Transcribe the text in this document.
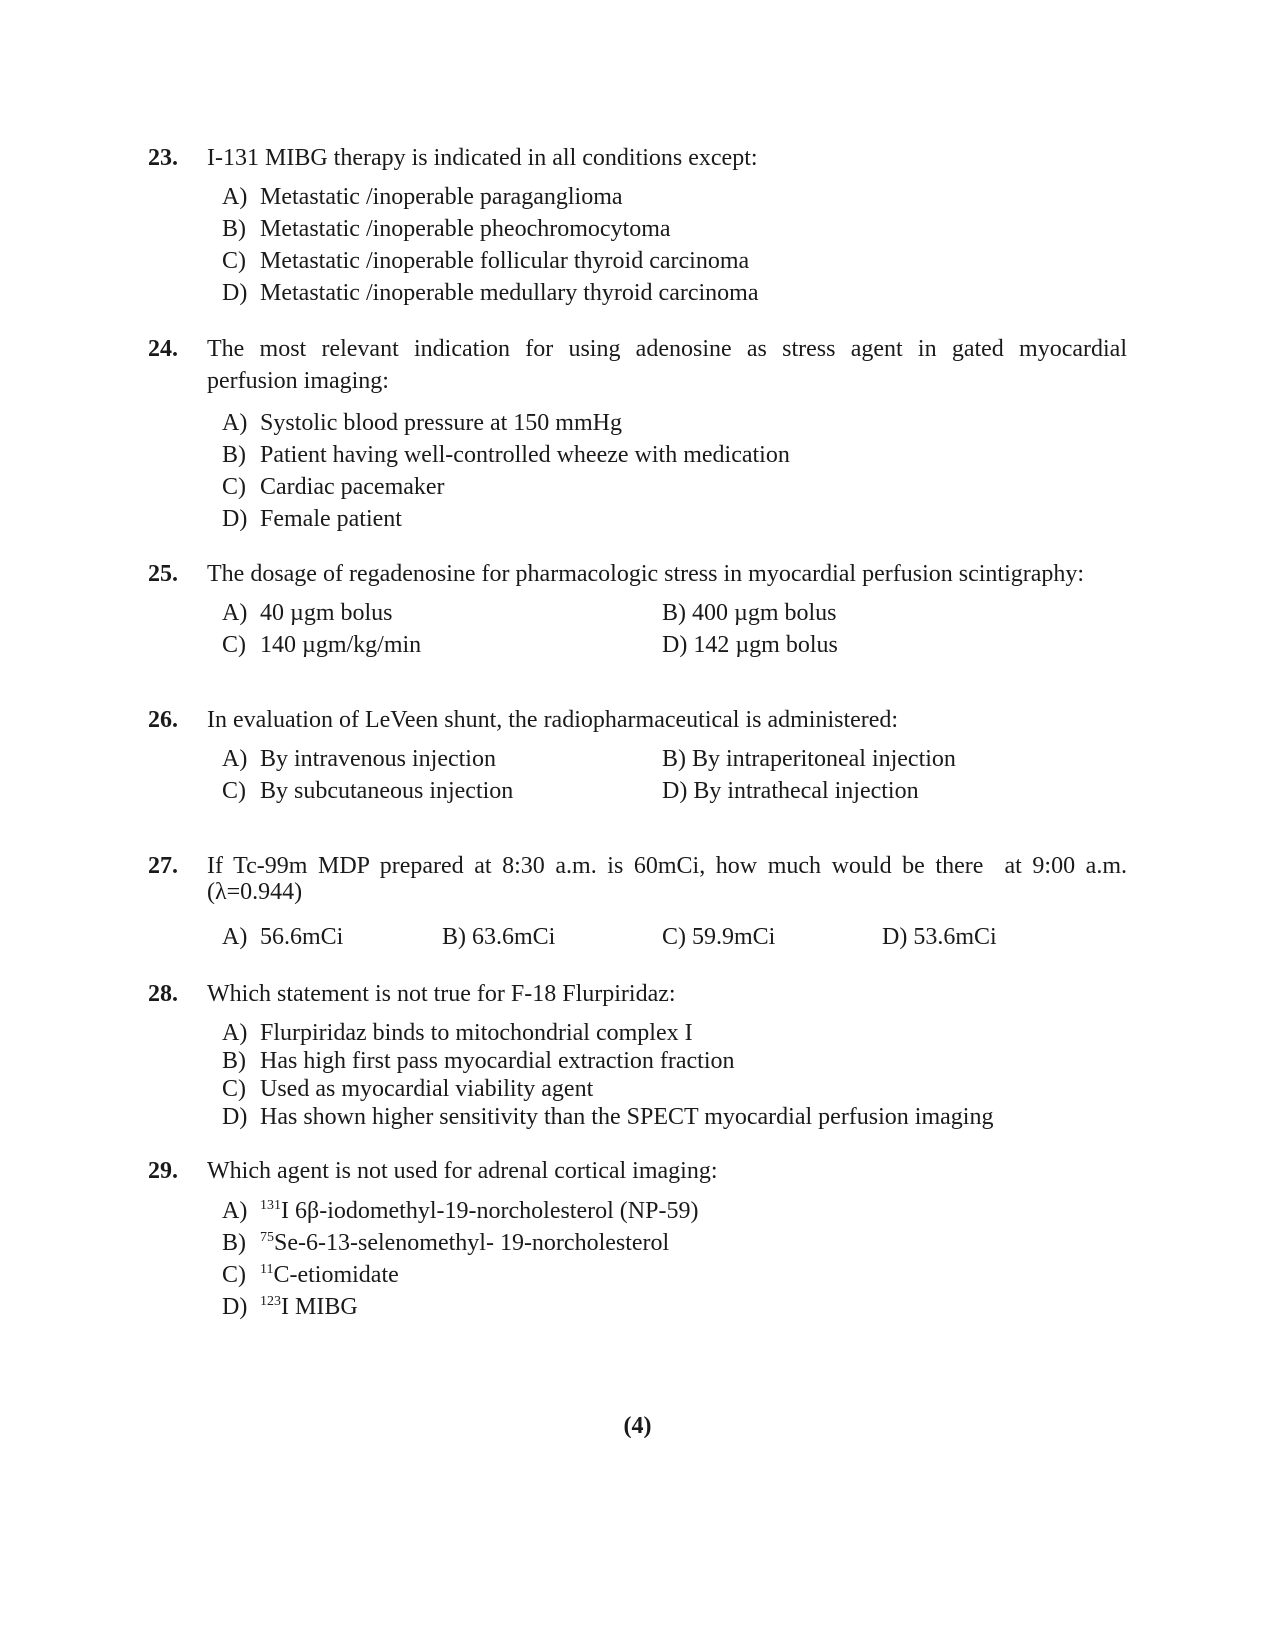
23. I-131 MIBG therapy is indicated in all conditions except:
A) Metastatic /inoperable paraganglioma
B) Metastatic /inoperable pheochromocytoma
C) Metastatic /inoperable follicular thyroid carcinoma
D) Metastatic /inoperable medullary thyroid carcinoma
24. The most relevant indication for using adenosine as stress agent in gated myocardial
perfusion imaging:
A) Systolic blood pressure at 150 mmHg
B) Patient having well-controlled wheeze with medication
C) Cardiac pacemaker
D) Female patient
25. The dosage of regadenosine for pharmacologic stress in myocardial perfusion scintigraphy:
A) 40 µgm bolus	B) 400 µgm bolus
C) 140 µgm/kg/min	D) 142 µgm bolus
26. In evaluation of LeVeen shunt, the radiopharmaceutical is administered:
A) By intravenous injection	B) By intraperitoneal injection
C) By subcutaneous injection	D) By intrathecal injection
27. If Tc-99m MDP prepared at 8:30 a.m. is 60mCi, how much would be there  at 9:00 a.m.
(λ=0.944)
A) 56.6mCi	B) 63.6mCi	C) 59.9mCi	D) 53.6mCi
28. Which statement is not true for F-18 Flurpiridaz:
A) Flurpiridaz binds to mitochondrial complex I
B) Has high first pass myocardial extraction fraction
C) Used as myocardial viability agent
D) Has shown higher sensitivity than the SPECT myocardial perfusion imaging
29. Which agent is not used for adrenal cortical imaging:
A) $^{131}$I 6β-iodomethyl-19-norcholesterol (NP-59)
B) $^{75}$Se-6-13-selenomethyl- 19-norcholesterol
C) $^{11}$C-etiomidate
D) $^{123}$I MIBG
(4)
